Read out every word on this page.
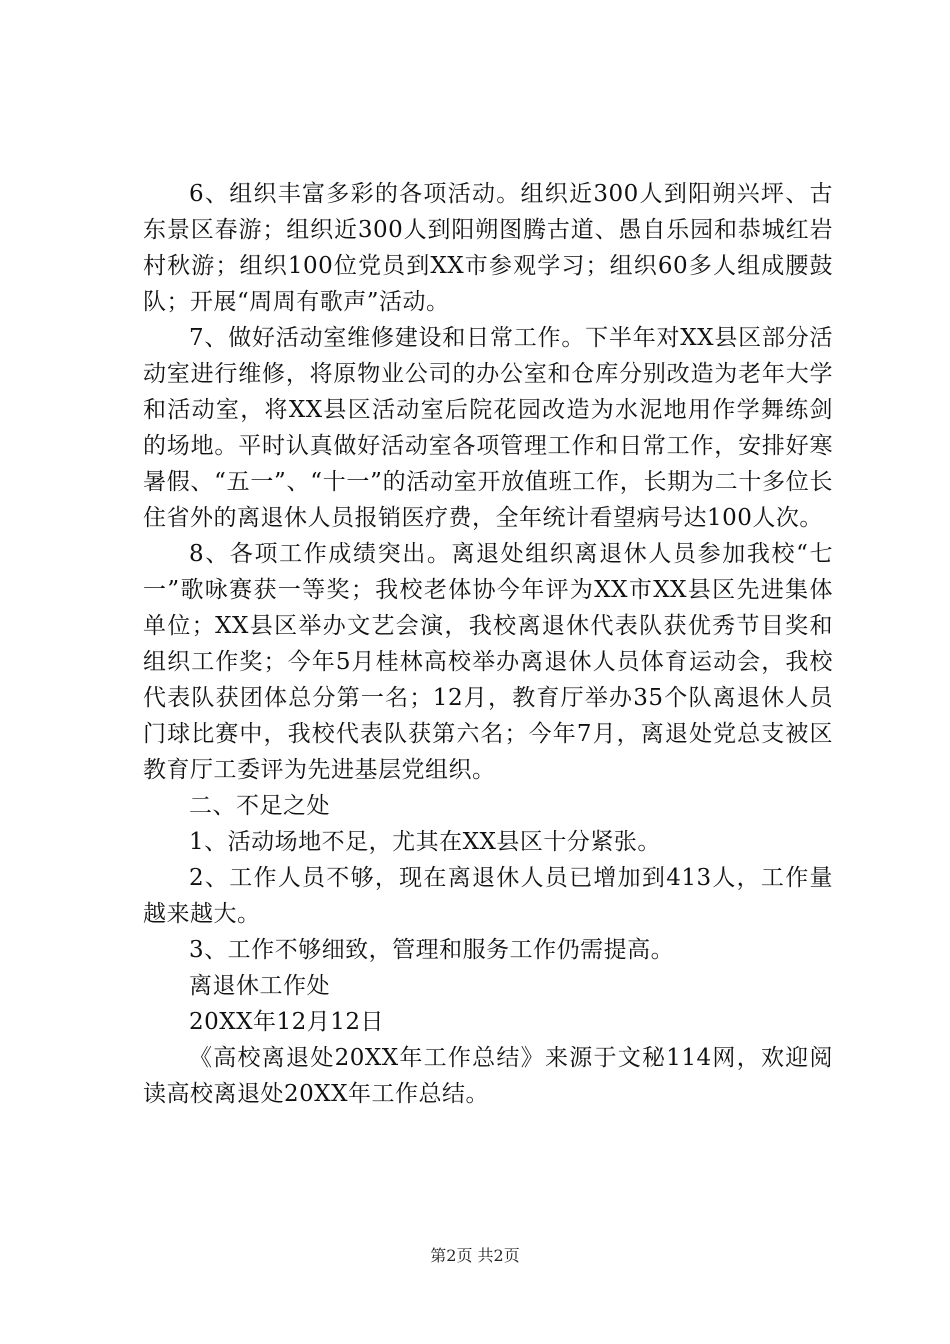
6、组织丰富多彩的各项活动。组织近300人到阳朔兴坪、古东景区春游；组织近300人到阳朔图腾古道、愚自乐园和恭城红岩村秋游；组织100位党员到XX市参观学习；组织60多人组成腰鼓队；开展“周周有歌声”活动。

7、做好活动室维修建设和日常工作。下半年对XX县区部分活动室进行维修，将原物业公司的办公室和仓库分别改造为老年大学和活动室，将XX县区活动室后院花园改造为水泥地用作学舞练剑的场地。平时认真做好活动室各项管理工作和日常工作，安排好寒暑假、“五一”、“十一”的活动室开放值班工作，长期为二十多位长住省外的离退休人员报销医疗费，全年统计看望病号达100人次。

8、各项工作成绩突出。离退处组织离退休人员参加我校“七一”歌咏赛获一等奖；我校老体协今年评为XX市XX县区先进集体单位；XX县区举办文艺会演，我校离退休代表队获优秀节目奖和组织工作奖；今年5月桂林高校举办离退休人员体育运动会，我校代表队获团体总分第一名；12月，教育厅举办35个队离退休人员门球比赛中，我校代表队获第六名；今年7月，离退处党总支被区教育厅工委评为先进基层党组织。

二、不足之处

1、活动场地不足，尤其在XX县区十分紧张。

2、工作人员不够，现在离退休人员已增加到413人，工作量越来越大。

3、工作不够细致，管理和服务工作仍需提高。

离退休工作处

20XX年12月12日

《高校离退处20XX年工作总结》来源于文秘114网，欢迎阅读高校离退处20XX年工作总结。

第2页 共2页
